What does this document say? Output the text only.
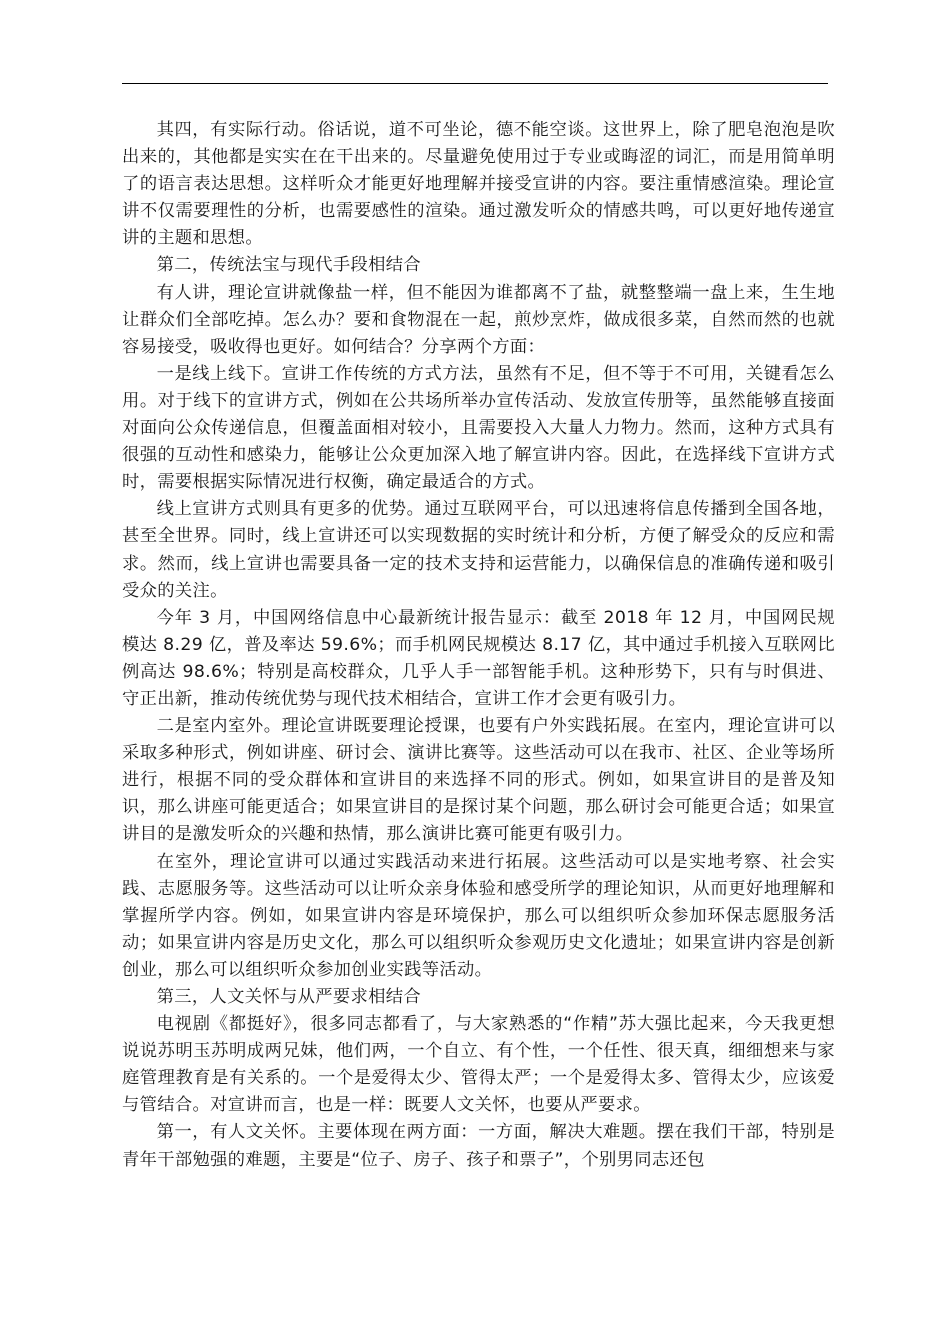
其四，有实际行动。俗话说，道不可坐论，德不能空谈。这世界上，除了肥皂泡泡是吹出来的，其他都是实实在在干出来的。尽量避免使用过于专业或晦涩的词汇，而是用简单明了的语言表达思想。这样听众才能更好地理解并接受宣讲的内容。要注重情感渲染。理论宣讲不仅需要理性的分析，也需要感性的渲染。通过激发听众的情感共鸣，可以更好地传递宣讲的主题和思想。

第二，传统法宝与现代手段相结合

有人讲，理论宣讲就像盐一样，但不能因为谁都离不了盐，就整整端一盘上来，生生地让群众们全部吃掉。怎么办？要和食物混在一起，煎炒烹炸，做成很多菜，自然而然的也就容易接受，吸收得也更好。如何结合？分享两个方面：

一是线上线下。宣讲工作传统的方式方法，虽然有不足，但不等于不可用，关键看怎么用。对于线下的宣讲方式，例如在公共场所举办宣传活动、发放宣传册等，虽然能够直接面对面向公众传递信息，但覆盖面相对较小，且需要投入大量人力物力。然而，这种方式具有很强的互动性和感染力，能够让公众更加深入地了解宣讲内容。因此，在选择线下宣讲方式时，需要根据实际情况进行权衡，确定最适合的方式。

线上宣讲方式则具有更多的优势。通过互联网平台，可以迅速将信息传播到全国各地，甚至全世界。同时，线上宣讲还可以实现数据的实时统计和分析，方便了解受众的反应和需求。然而，线上宣讲也需要具备一定的技术支持和运营能力，以确保信息的准确传递和吸引受众的关注。

今年 3 月，中国网络信息中心最新统计报告显示：截至 2018 年 12 月，中国网民规模达 8.29 亿，普及率达 59.6%；而手机网民规模达 8.17 亿，其中通过手机接入互联网比例高达 98.6%；特别是高校群众，几乎人手一部智能手机。这种形势下，只有与时俱进、守正出新，推动传统优势与现代技术相结合，宣讲工作才会更有吸引力。

二是室内室外。理论宣讲既要理论授课，也要有户外实践拓展。在室内，理论宣讲可以采取多种形式，例如讲座、研讨会、演讲比赛等。这些活动可以在我市、社区、企业等场所进行，根据不同的受众群体和宣讲目的来选择不同的形式。例如，如果宣讲目的是普及知识，那么讲座可能更适合；如果宣讲目的是探讨某个问题，那么研讨会可能更合适；如果宣讲目的是激发听众的兴趣和热情，那么演讲比赛可能更有吸引力。

在室外，理论宣讲可以通过实践活动来进行拓展。这些活动可以是实地考察、社会实践、志愿服务等。这些活动可以让听众亲身体验和感受所学的理论知识，从而更好地理解和掌握所学内容。例如，如果宣讲内容是环境保护，那么可以组织听众参加环保志愿服务活动；如果宣讲内容是历史文化，那么可以组织听众参观历史文化遗址；如果宣讲内容是创新创业，那么可以组织听众参加创业实践等活动。

第三，人文关怀与从严要求相结合

电视剧《都挺好》，很多同志都看了，与大家熟悉的“作精”苏大强比起来，今天我更想说说苏明玉苏明成两兄妹，他们两，一个自立、有个性，一个任性、很天真，细细想来与家庭管理教育是有关系的。一个是爱得太少、管得太严；一个是爱得太多、管得太少，应该爱与管结合。对宣讲而言，也是一样：既要人文关怀，也要从严要求。

第一，有人文关怀。主要体现在两方面：一方面，解决大难题。摆在我们干部，特别是青年干部勉强的难题，主要是“位子、房子、孩子和票子”，个别男同志还包
